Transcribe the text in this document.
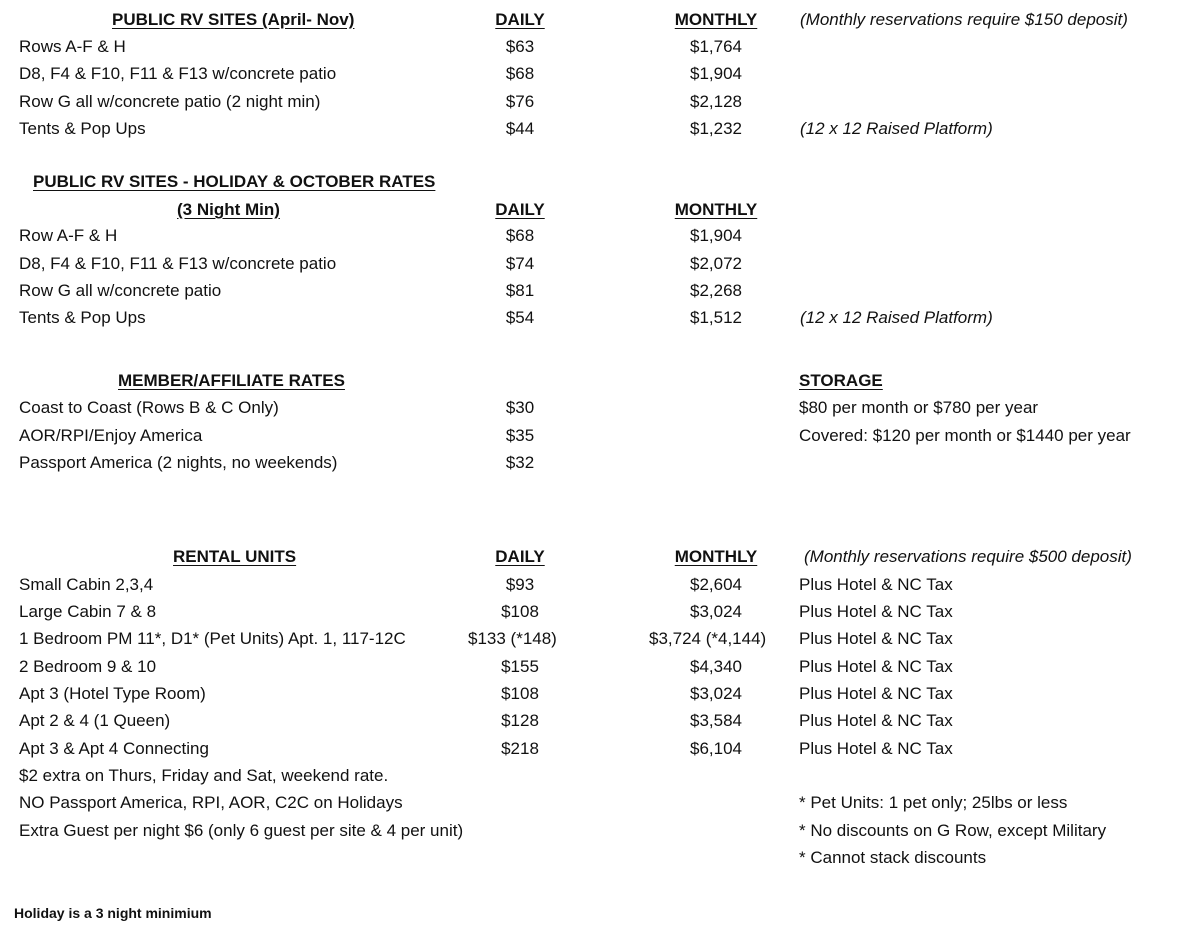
PUBLIC RV SITES (April- Nov)	DAILY	MONTHLY	(Monthly reservations require $150 deposit)
Rows A-F & H	$63	$1,764
D8, F4 & F10, F11 & F13 w/concrete patio	$68	$1,904
Row G all w/concrete patio (2 night min)	$76	$2,128
Tents & Pop Ups	$44	$1,232	(12 x 12 Raised Platform)
PUBLIC RV SITES - HOLIDAY & OCTOBER RATES
(3 Night Min)	DAILY	MONTHLY
Row A-F & H	$68	$1,904
D8, F4 & F10, F11 & F13 w/concrete patio	$74	$2,072
Row G all w/concrete patio	$81	$2,268
Tents & Pop Ups	$54	$1,512	(12 x 12 Raised Platform)
MEMBER/AFFILIATE RATES
Coast to Coast (Rows B & C Only)	$30
AOR/RPI/Enjoy America	$35
Passport America (2 nights, no weekends)	$32
STORAGE
$80 per month or $780 per year
Covered: $120 per month or $1440 per year
RENTAL UNITS	DAILY	MONTHLY	(Monthly reservations require $500 deposit)
Small Cabin 2,3,4	$93	$2,604	Plus Hotel & NC Tax
Large Cabin 7 & 8	$108	$3,024	Plus Hotel & NC Tax
1 Bedroom PM 11*, D1* (Pet Units) Apt. 1, 117-12C	$133 (*148)	$3,724 (*4,144) Plus Hotel & NC Tax
2 Bedroom 9 & 10	$155	$4,340	Plus Hotel & NC Tax
Apt 3 (Hotel Type Room)	$108	$3,024	Plus Hotel & NC Tax
Apt 2 & 4 (1 Queen)	$128	$3,584	Plus Hotel & NC Tax
Apt 3 & Apt 4 Connecting	$218	$6,104	Plus Hotel & NC Tax
$2 extra on Thurs, Friday and Sat, weekend rate.
NO Passport America, RPI, AOR, C2C on Holidays
Extra Guest per night $6 (only 6 guest per site & 4 per unit)
* Pet Units: 1 pet only; 25lbs or less
* No discounts on G Row, except Military
* Cannot stack discounts
Holiday is a 3 night minimium
